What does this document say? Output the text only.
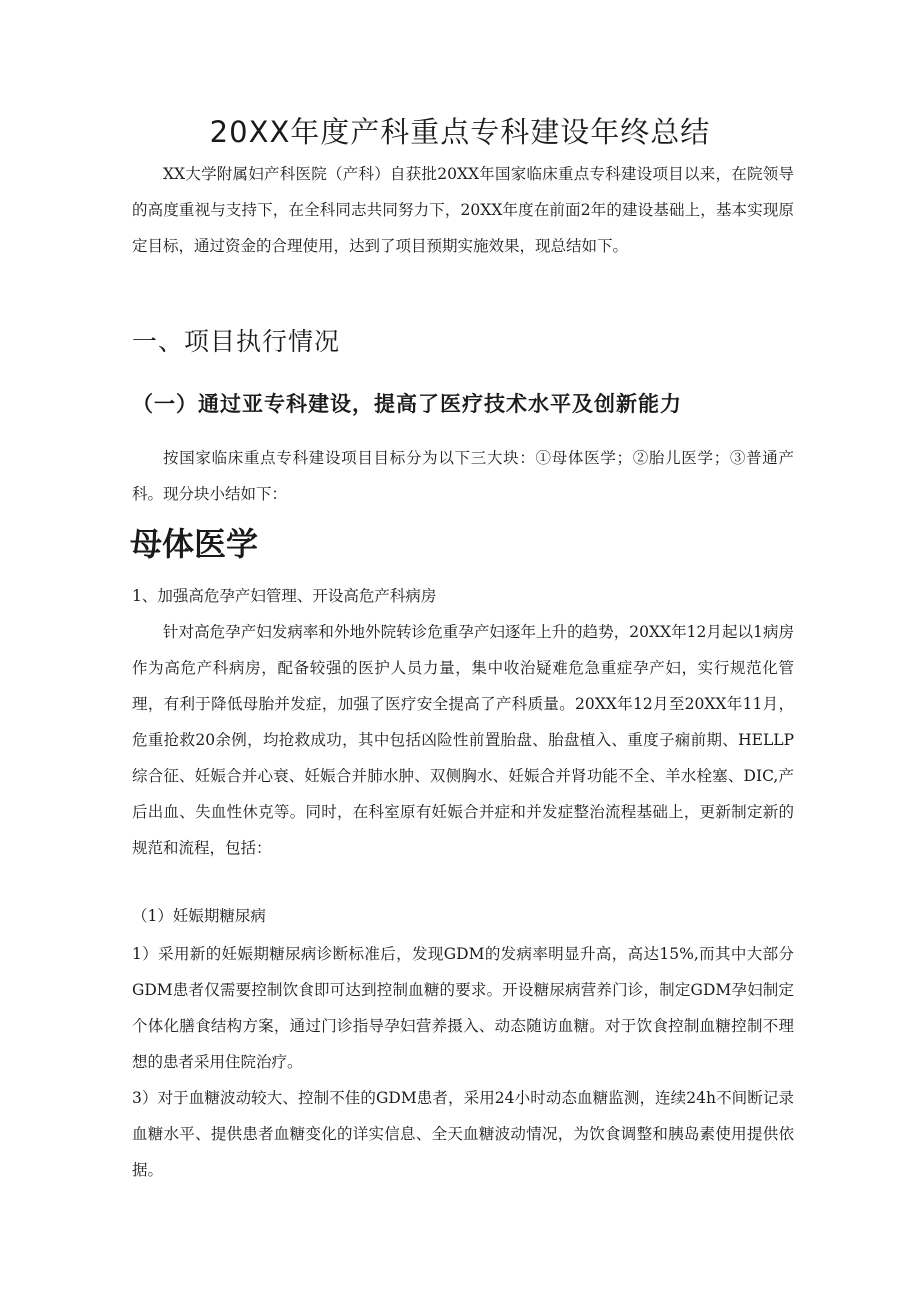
20XX年度产科重点专科建设年终总结

XX大学附属妇产科医院（产科）自获批20XX年国家临床重点专科建设项目以来，在院领导的高度重视与支持下，在全科同志共同努力下，20XX年度在前面2年的建设基础上，基本实现原定目标，通过资金的合理使用，达到了项目预期实施效果，现总结如下。

一、项目执行情况
（一）通过亚专科建设，提高了医疗技术水平及创新能力

按国家临床重点专科建设项目目标分为以下三大块：①母体医学；②胎儿医学；③普通产科。现分块小结如下：

母体医学
1、加强高危孕产妇管理、开设高危产科病房

针对高危孕产妇发病率和外地外院转诊危重孕产妇逐年上升的趋势，20XX年12月起以1病房作为高危产科病房，配备较强的医护人员力量，集中收治疑难危急重症孕产妇，实行规范化管理，有利于降低母胎并发症，加强了医疗安全提高了产科质量。20XX年12月至20XX年11月，危重抢救20余例，均抢救成功，其中包括凶险性前置胎盘、胎盘植入、重度子痫前期、HELLP综合征、妊娠合并心衰、妊娠合并肺水肿、双侧胸水、妊娠合并肾功能不全、羊水栓塞、DIC,产后出血、失血性休克等。同时，在科室原有妊娠合并症和并发症整治流程基础上，更新制定新的规范和流程，包括：

（1）妊娠期糖尿病

1）采用新的妊娠期糖尿病诊断标准后，发现GDM的发病率明显升高，高达15%,而其中大部分GDM患者仅需要控制饮食即可达到控制血糖的要求。开设糖尿病营养门诊，制定GDM孕妇制定个体化膳食结构方案，通过门诊指导孕妇营养摄入、动态随访血糖。对于饮食控制血糖控制不理想的患者采用住院治疗。

3）对于血糖波动较大、控制不佳的GDM患者，采用24小时动态血糖监测，连续24h不间断记录血糖水平、提供患者血糖变化的详实信息、全天血糖波动情况，为饮食调整和胰岛素使用提供依据。
